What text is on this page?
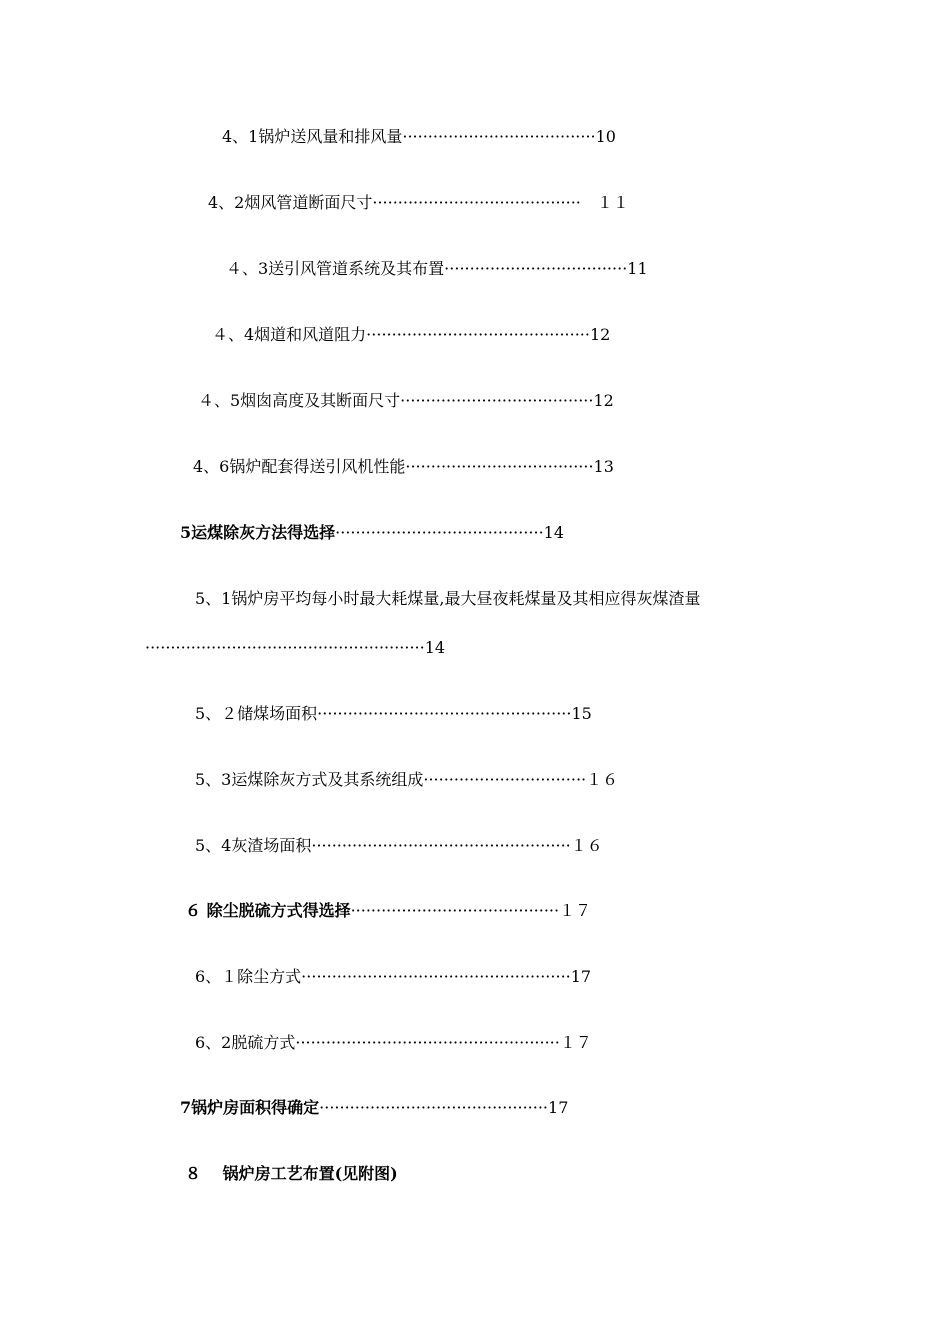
4、1锅炉送风量和排风量······································10
4、2烟风管道断面尺寸·········································　１１
４、3送引风管道系统及其布置····································11
４、4烟道和风道阻力············································12
４、5烟囱高度及其断面尺寸······································12
4、6锅炉配套得送引风机性能·····································13
5运煤除灰方法得选择·········································14
5、1锅炉房平均每小时最大耗煤量,最大昼夜耗煤量及其相应得灰煤渣量
·······················································14
5、２储煤场面积··················································15
5、3运煤除灰方式及其系统组成································１６
5、4灰渣场面积···················································１６
６ 除尘脱硫方式得选择·········································１７
6、１除尘方式·····················································17
6、2脱硫方式····················································１７
7锅炉房面积得确定·············································17
８　 锅炉房工艺布置(见附图)
